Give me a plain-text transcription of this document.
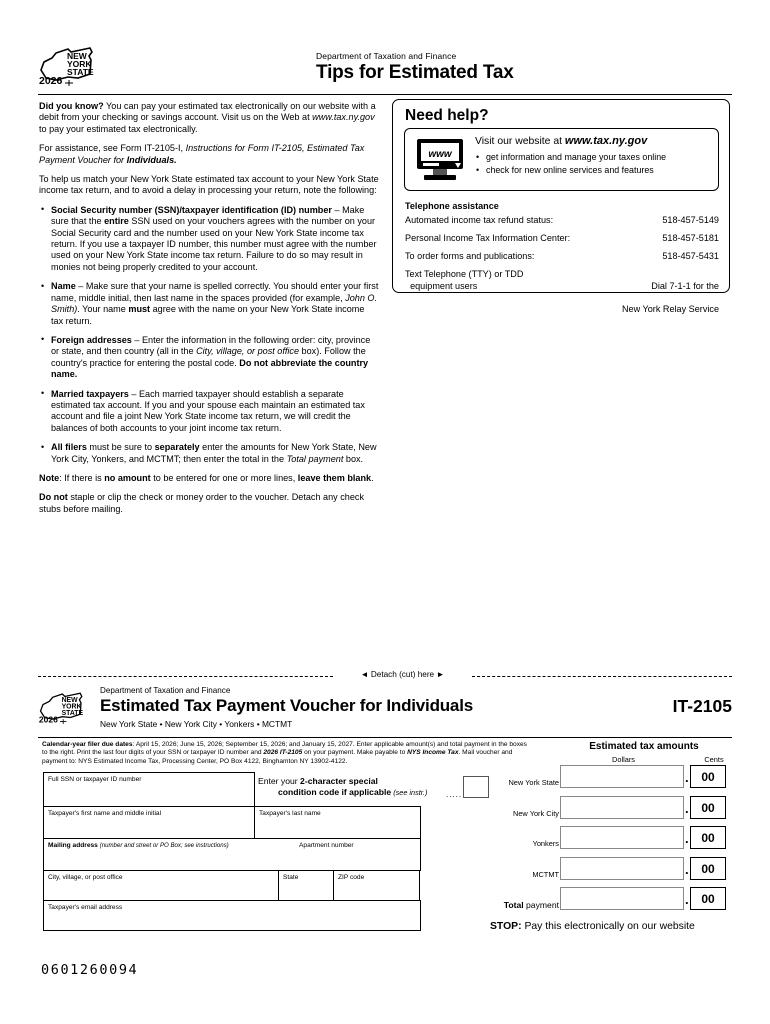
NEW
YORK
STATE
2026
Department of Taxation and Finance
Tips for Estimated Tax

Did you know? You can pay your estimated tax electronically on our website with a debit from your checking or savings account. Visit us on the Web at www.tax.ny.gov to pay your estimated tax electronically.

For assistance, see Form IT-2105-I, Instructions for Form IT-2105, Estimated Tax Payment Voucher for Individuals.

To help us match your New York State estimated tax account to your New York State income tax return, and to avoid a delay in processing your return, note the following:

• Social Security number (SSN)/taxpayer identification (ID) number – Make sure that the entire SSN used on your vouchers agrees with the number on your Social Security card and the number used on your New York State income tax return. If you use a taxpayer ID number, this number must agree with the number used on your New York State income tax return. Failure to do so may result in monies not being properly credited to your account.
• Name – Make sure that your name is spelled correctly. You should enter your first name, middle initial, then last name in the spaces provided (for example, John O. Smith). Your name must agree with the name on your New York State income tax return.
• Foreign addresses – Enter the information in the following order: city, province or state, and then country (all in the City, village, or post office box). Follow the country's practice for entering the postal code. Do not abbreviate the country name.
• Married taxpayers – Each married taxpayer should establish a separate estimated tax account. If you and your spouse each maintain an estimated tax account and file a joint New York State income tax return, we will credit the balances of both accounts to your joint income tax return.
• All filers must be sure to separately enter the amounts for New York State, New York City, Yonkers, and MCTMT; then enter the total in the Total payment box.

Note: If there is no amount to be entered for one or more lines, leave them blank.

Do not staple or clip the check or money order to the voucher. Detach any check stubs before mailing.

Need help?
www
Visit our website at www.tax.ny.gov
• get information and manage your taxes online
• check for new online services and features
Telephone assistance
Automated income tax refund status:	518-457-5149
Personal Income Tax Information Center:	518-457-5181
To order forms and publications:	518-457-5431
Text Telephone (TTY) or TDD
equipment users	Dial 7-1-1 for the

New York Relay Service

◄ Detach (cut) here ►
NEW
YORK
STATE
2026
Department of Taxation and Finance
Estimated Tax Payment Voucher for Individuals
New York State • New York City • Yonkers • MCTMT
IT-2105
Calendar-year filer due dates: April 15, 2026; June 15, 2026; September 15, 2026; and January 15, 2027. Enter applicable amount(s) and total payment in the boxes to the right. Print the last four digits of your SSN or taxpayer ID number and 2026 IT-2105 on your payment. Make payable to NYS Income Tax. Mail voucher and payment to: NYS Estimated Income Tax, Processing Center, PO Box 4122, Binghamton NY 13902-4122.
Estimated tax amounts
Dollars	Cents
Full SSN or taxpayer ID number
Taxpayer's first name and middle initial	Taxpayer's last name
Mailing address (number and street or PO Box; see instructions)	Apartment number
City, village, or post office	State	ZIP code
Taxpayer's email address
Enter your 2-character special
condition code if applicable (see instr.) .....
New York State	.	00
New York City	.	00
Yonkers	.	00
MCTMT	.	00
Total payment	.	00
STOP: Pay this electronically on our website
0601260094
